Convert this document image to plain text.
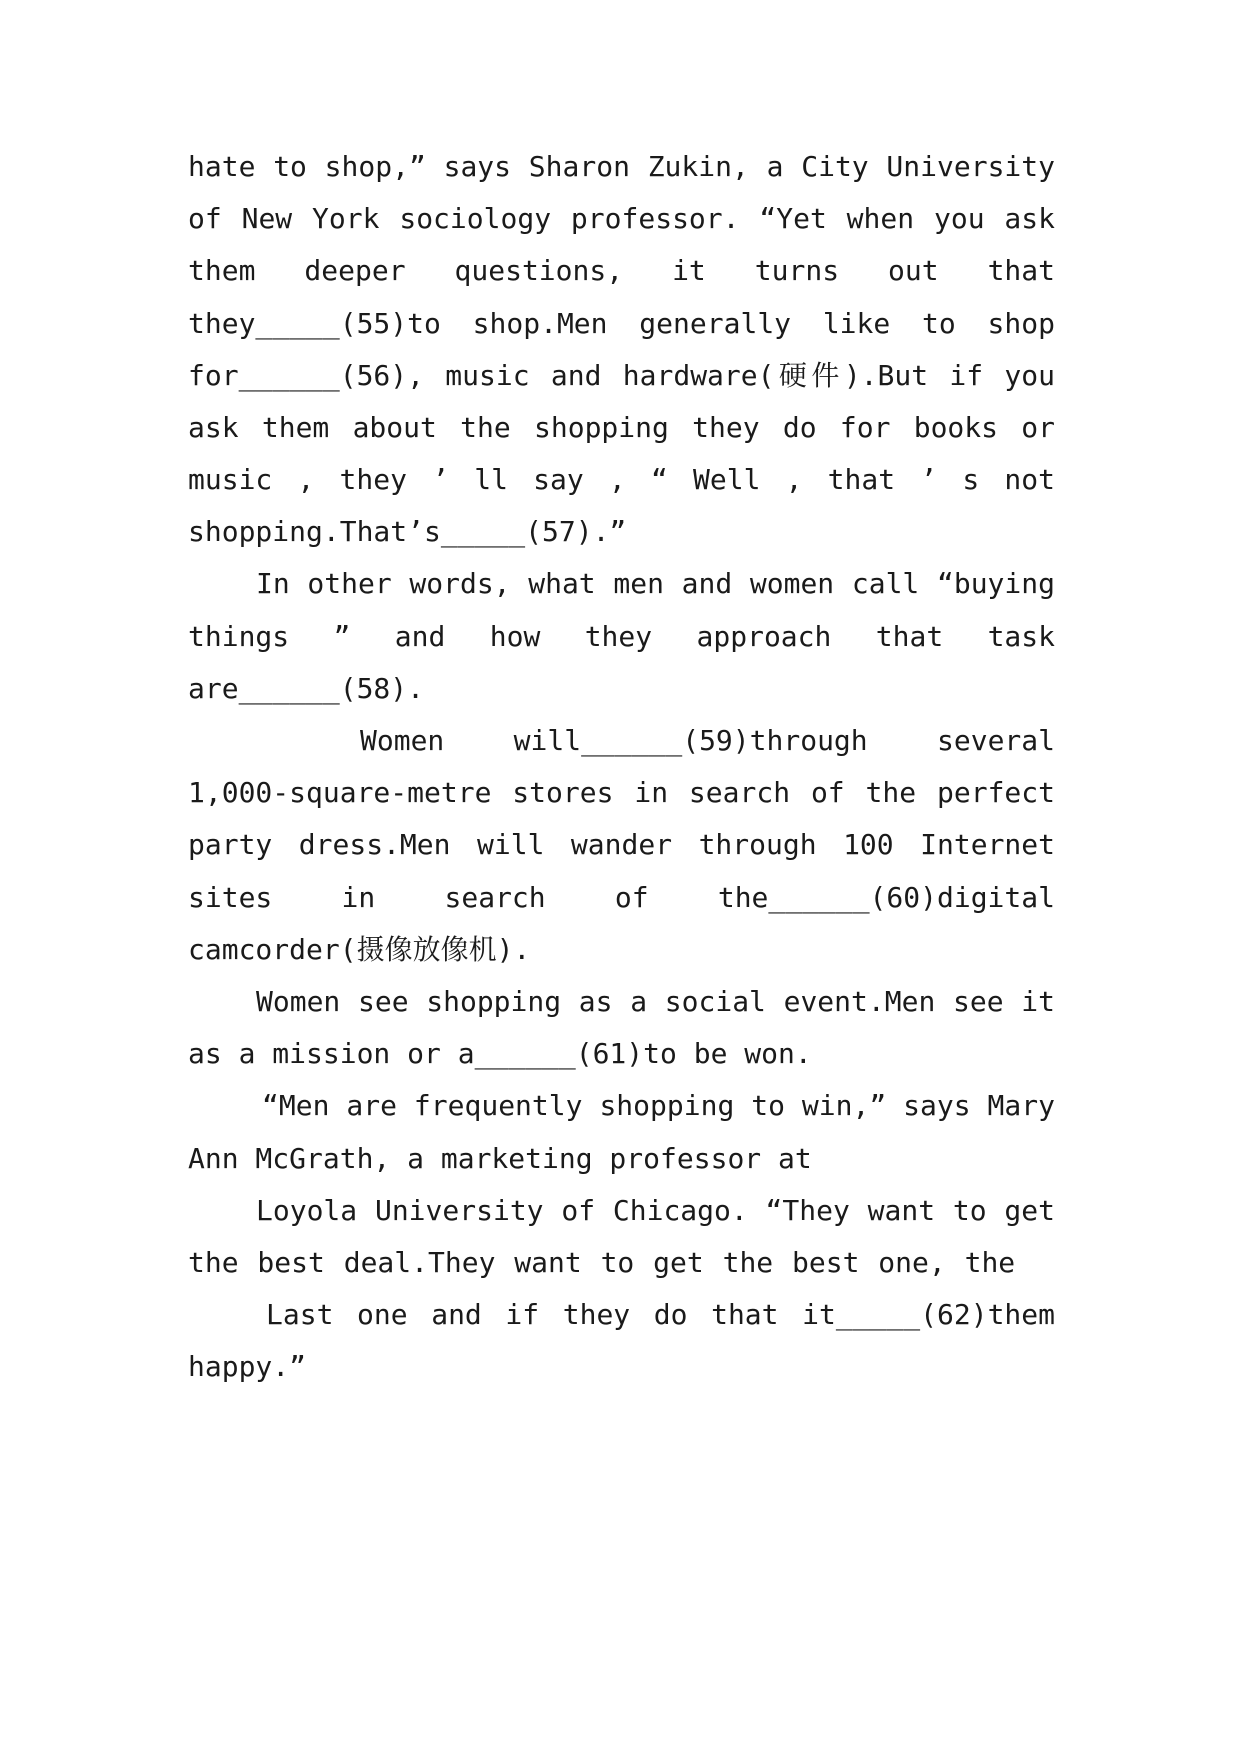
hate to shop,” says Sharon Zukin, a City University
of New York sociology professor. “Yet when you ask
them deeper questions, it turns out that
they_____(55)to shop.Men generally like to shop
for______(56), music and hardware(硬件).But if you
ask them about the shopping they do for books or
music , they ’ ll say , “ Well , that ’ s not
shopping.That’s_____(57).”
In other words, what men and women call “buying
things ” and how they approach that task
are______(58).
Women will______(59)through several
1,000-square-metre stores in search of the perfect
party dress.Men will wander through 100 Internet
sites in search of the______(60)digital
camcorder(摄像放像机).
Women see shopping as a social event.Men see it
as a mission or a______(61)to be won.
“Men are frequently shopping to win,” says Mary
Ann McGrath, a marketing professor at
Loyola University of Chicago. “They want to get
the best deal.They want to get the best one, the
Last one and if they do that it_____(62)them
happy.”
